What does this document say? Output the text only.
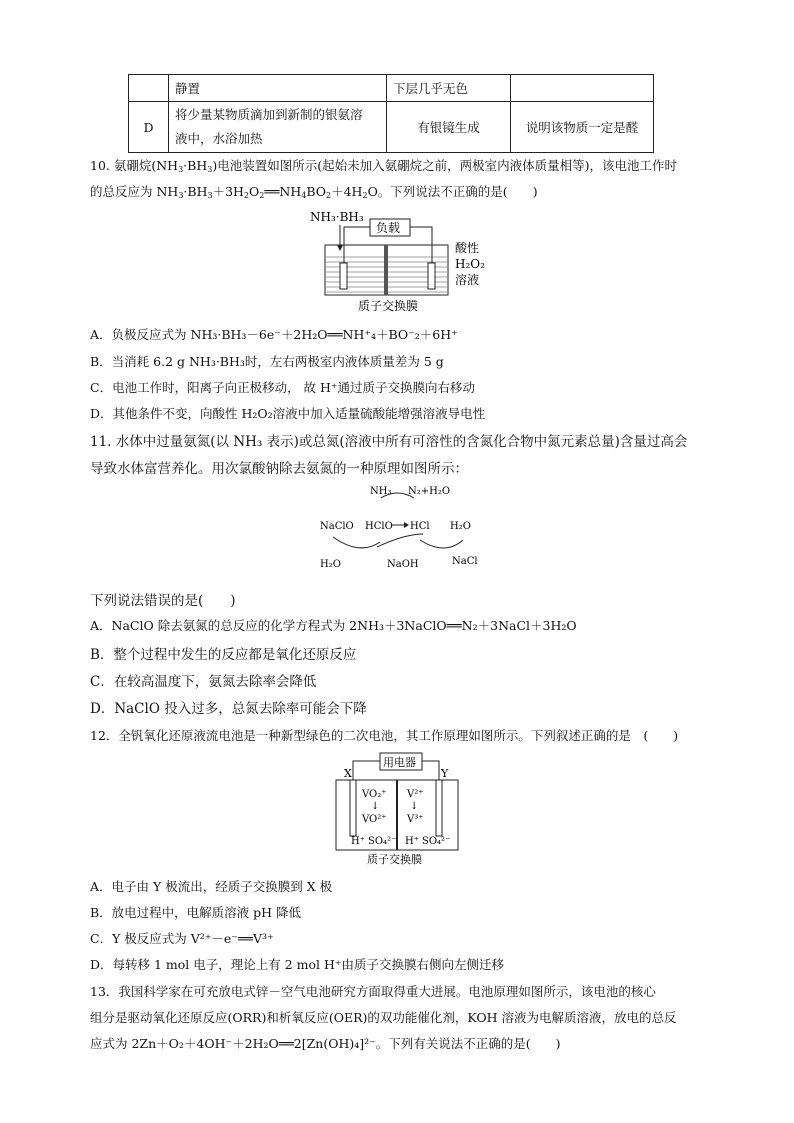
	静置	下层几乎无色	
D	将少量某物质滴加到新制的银氨溶
液中，水浴加热	有银镜生成	说明该物质一定是醛
10. 氨硼烷$(NH_3\cdot BH_3)$电池装置如图所示(起始未加入氨硼烷之前，两极室内液体质量相等)，该电池工作时
的总反应为 $NH_3\cdot BH_3+3H_2O_2══NH_4BO_2+4H_2O$。下列说法不正确的是(　　)
NH₃·BH₃
负载
酸性
H₂O₂
溶液
质子交换膜
A．负极反应式为 NH₃·BH₃－6e⁻＋2H₂O══NH⁺₄＋BO⁻₂＋6H⁺
B．当消耗 6.2 g NH₃·BH₃时，左右两极室内液体质量差为 5 g
C．电池工作时，阳离子向正极移动， 故 H⁺通过质子交换膜向右移动
D．其他条件不变，向酸性 H₂O₂溶液中加入适量硫酸能增强溶液导电性
11. 水体中过量氨氮(以 NH₃ 表示)或总氮(溶液中所有可溶性的含氮化合物中氮元素总量)含量过高会
导致水体富营养化。用次氯酸钠除去氨氮的一种原理如图所示：
NH₃ N₂+H₂O
NaClO HClO HCl H₂O
H₂O	NaOH	NaCl
下列说法错误的是(　　)
A．NaClO 除去氨氮的总反应的化学方程式为 2NH₃＋3NaClO══N₂＋3NaCl＋3H₂O
B．整个过程中发生的反应都是氧化还原反应
C．在较高温度下，氨氮去除率会降低
D．NaClO 投入过多，总氮去除率可能会下降
12．全钒氧化还原液流电池是一种新型绿色的二次电池，其工作原理如图所示。下列叙述正确的是　(　　)
X	Y
用电器
VO₂⁺
↓
VO²⁺
V²⁺
↓
V³⁺
H⁺ SO₄²⁻ H⁺ SO₄²⁻
质子交换膜
A．电子由 Y 极流出，经质子交换膜到 X 极
B．放电过程中，电解质溶液 pH 降低
C．Y 极反应式为 V²⁺－e⁻══V³⁺
D．每转移 1 mol 电子，理论上有 2 mol H⁺由质子交换膜右侧向左侧迁移
13．我国科学家在可充放电式锌－空气电池研究方面取得重大进展。电池原理如图所示，该电池的核心
组分是驱动氧化还原反应(ORR)和析氧反应(OER)的双功能催化剂，KOH 溶液为电解质溶液，放电的总反
应式为 2Zn＋O₂＋4OH⁻＋2H₂O══2[Zn(OH)₄]²⁻。下列有关说法不正确的是(　　)
